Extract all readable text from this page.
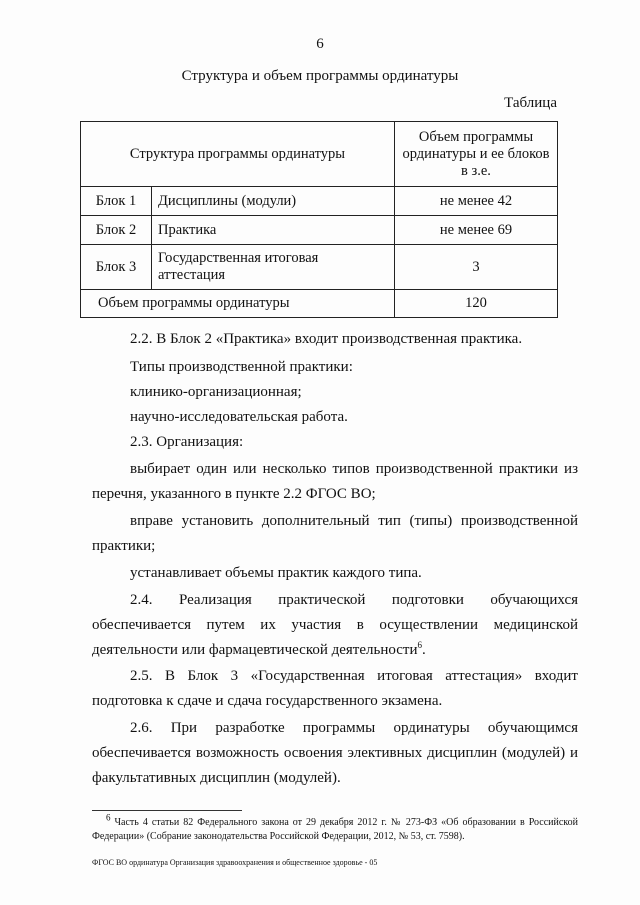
6
Структура и объем программы ординатуры
Таблица
Структура программы ординатуры		Объем программы ординатуры и ее блоков в з.е.
Блок 1	Дисциплины (модули)	не менее 42
Блок 2	Практика	не менее 69
Блок 3	Государственная итоговая аттестация	3
Объем программы ординатуры		120
2.2. В Блок 2 «Практика» входит производственная практика.
Типы производственной практики:
клинико-организационная;
научно-исследовательская работа.
2.3. Организация:
выбирает один или несколько типов производственной практики из перечня, указанного в пункте 2.2 ФГОС ВО;
вправе установить дополнительный тип (типы) производственной практики;
устанавливает объемы практик каждого типа.
2.4. Реализация практической подготовки обучающихся обеспечивается путем их участия в осуществлении медицинской деятельности или фармацевтической деятельности$^6$.
2.5. В Блок 3 «Государственная итоговая аттестация» входит подготовка к сдаче и сдача государственного экзамена.
2.6. При разработке программы ординатуры обучающимся обеспечивается возможность освоения элективных дисциплин (модулей) и факультативных дисциплин (модулей).
$^6$ Часть 4 статьи 82 Федерального закона от 29 декабря 2012 г. № 273-ФЗ «Об образовании в Российской Федерации» (Собрание законодательства Российской Федерации, 2012, № 53, ст. 7598).
ФГОС ВО ординатура Организация здравоохранения и общественное здоровье - 05
